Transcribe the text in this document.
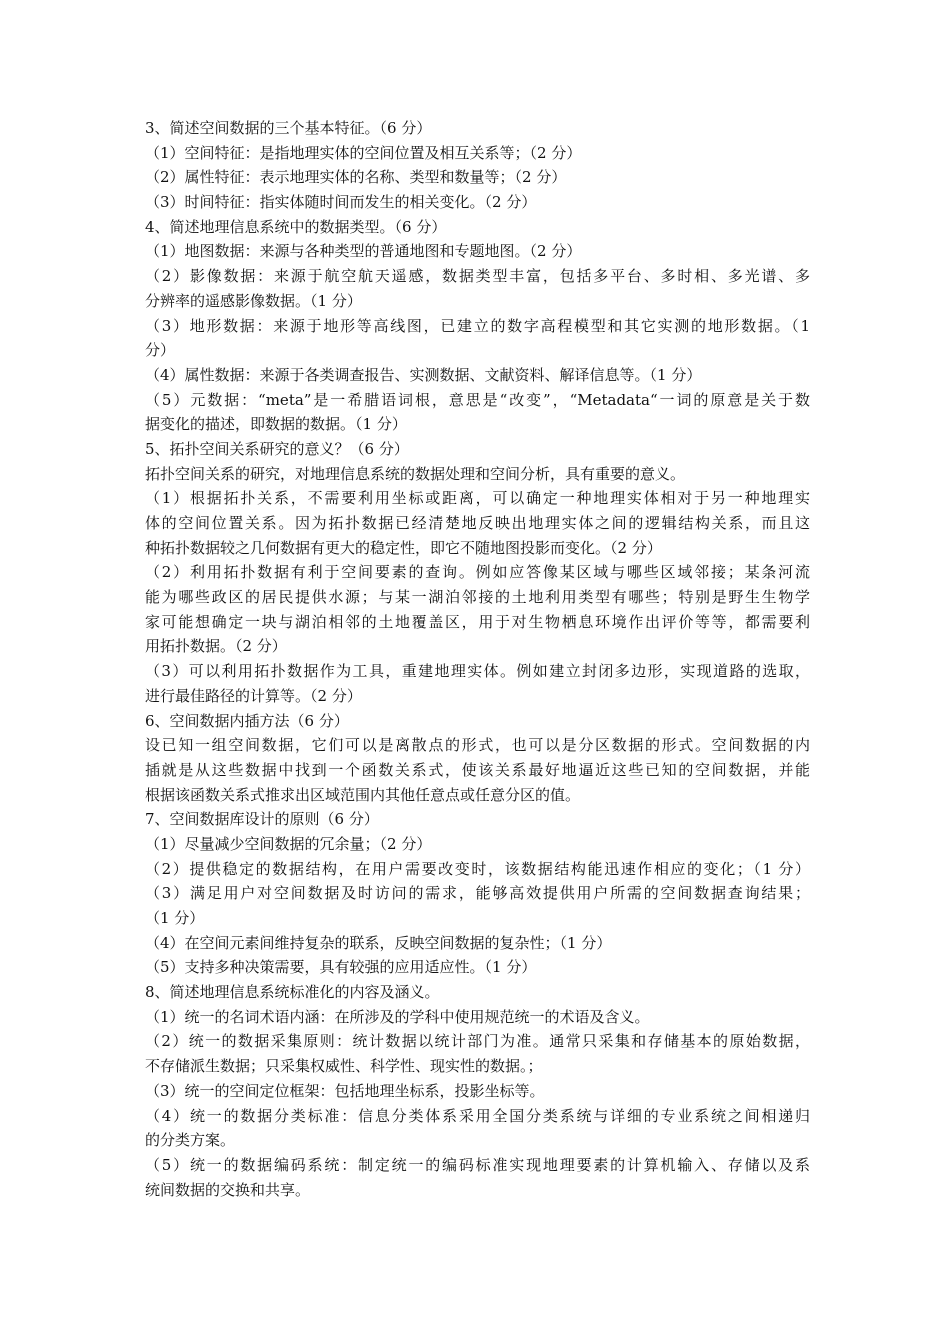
3、简述空间数据的三个基本特征。（6 分）
（1）空间特征：是指地理实体的空间位置及相互关系等；（2 分）
（2）属性特征：表示地理实体的名称、类型和数量等；（2 分）
（3）时间特征：指实体随时间而发生的相关变化。（2 分）
4、简述地理信息系统中的数据类型。（6 分）
（1）地图数据：来源与各种类型的普通地图和专题地图。（2 分）
（2）影像数据：来源于航空航天遥感，数据类型丰富，包括多平台、多时相、多光谱、多
分辨率的遥感影像数据。（1 分）
（3）地形数据：来源于地形等高线图，已建立的数字高程模型和其它实测的地形数据。（1
分）
（4）属性数据：来源于各类调查报告、实测数据、文献资料、解译信息等。（1 分）
（5）元数据：“meta”是一希腊语词根，意思是“改变”，“Metadata“一词的原意是关于数
据变化的描述，即数据的数据。（1 分）
5、拓扑空间关系研究的意义？（6 分）
拓扑空间关系的研究，对地理信息系统的数据处理和空间分析，具有重要的意义。
（1）根据拓扑关系，不需要利用坐标或距离，可以确定一种地理实体相对于另一种地理实
体的空间位置关系。因为拓扑数据已经清楚地反映出地理实体之间的逻辑结构关系，而且这
种拓扑数据较之几何数据有更大的稳定性，即它不随地图投影而变化。（2 分）
（2）利用拓扑数据有利于空间要素的查询。例如应答像某区域与哪些区域邻接；某条河流
能为哪些政区的居民提供水源；与某一湖泊邻接的土地利用类型有哪些；特别是野生生物学
家可能想确定一块与湖泊相邻的土地覆盖区，用于对生物栖息环境作出评价等等，都需要利
用拓扑数据。（2 分）
（3）可以利用拓扑数据作为工具，重建地理实体。例如建立封闭多边形，实现道路的选取，
进行最佳路径的计算等。（2 分）
6、空间数据内插方法（6 分）
设已知一组空间数据，它们可以是离散点的形式，也可以是分区数据的形式。空间数据的内
插就是从这些数据中找到一个函数关系式，使该关系最好地逼近这些已知的空间数据，并能
根据该函数关系式推求出区域范围内其他任意点或任意分区的值。
7、空间数据库设计的原则（6 分）
（1）尽量减少空间数据的冗余量；（2 分）
（2）提供稳定的数据结构，在用户需要改变时，该数据结构能迅速作相应的变化；（1 分）
（3）满足用户对空间数据及时访问的需求，能够高效提供用户所需的空间数据查询结果；
（1 分）
（4）在空间元素间维持复杂的联系，反映空间数据的复杂性；（1 分）
（5）支持多种决策需要，具有较强的应用适应性。（1 分）
8、简述地理信息系统标准化的内容及涵义。
（1）统一的名词术语内涵：在所涉及的学科中使用规范统一的术语及含义。
（2）统一的数据采集原则：统计数据以统计部门为准。通常只采集和存储基本的原始数据，
不存储派生数据；只采集权威性、科学性、现实性的数据。；
（3）统一的空间定位框架：包括地理坐标系，投影坐标等。
（4）统一的数据分类标准：信息分类体系采用全国分类系统与详细的专业系统之间相递归
的分类方案。
（5）统一的数据编码系统：制定统一的编码标准实现地理要素的计算机输入、存储以及系
统间数据的交换和共享。
